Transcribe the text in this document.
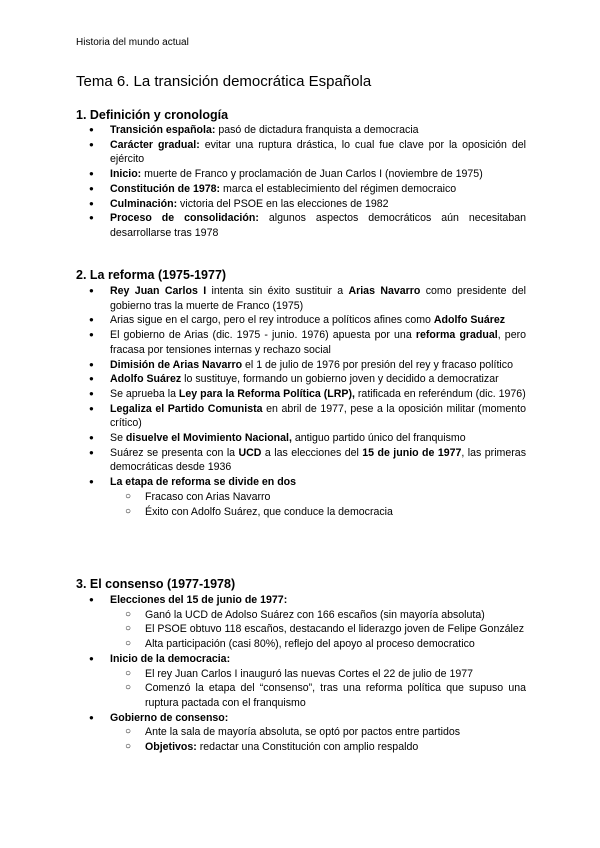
Historia del mundo actual
Tema 6. La transición democrática Española
1. Definición y cronología
● Transición española: pasó de dictadura franquista a democracia
● Carácter gradual: evitar una ruptura drástica, lo cual fue clave por la oposición del ejército
● Inicio: muerte de Franco y proclamación de Juan Carlos I (noviembre de 1975)
● Constitución de 1978: marca el establecimiento del régimen democraico
● Culminación: victoria del PSOE en las elecciones de 1982
● Proceso de consolidación: algunos aspectos democráticos aún necesitaban desarrollarse tras 1978
2. La reforma (1975-1977)
● Rey Juan Carlos I intenta sin éxito sustituir a Arias Navarro como presidente del gobierno tras la muerte de Franco (1975)
● Arias sigue en el cargo, pero el rey introduce a políticos afines como Adolfo Suárez
● El gobierno de Arias (dic. 1975 - junio. 1976) apuesta por una reforma gradual, pero fracasa por tensiones internas y rechazo social
● Dimisión de Arias Navarro el 1 de julio de 1976 por presión del rey y fracaso político
● Adolfo Suárez lo sustituye, formando un gobierno joven y decidido a democratizar
● Se aprueba la Ley para la Reforma Política (LRP), ratificada en referéndum (dic. 1976)
● Legaliza el Partido Comunista en abril de 1977, pese a la oposición militar (momento crítico)
● Se disuelve el Movimiento Nacional, antiguo partido único del franquismo
● Suárez se presenta con la UCD a las elecciones del 15 de junio de 1977, las primeras democráticas desde 1936
● La etapa de reforma se divide en dos
○ Fracaso con Arias Navarro
○ Éxito con Adolfo Suárez, que conduce la democracia
3. El consenso (1977-1978)
● Elecciones del 15 de junio de 1977:
○ Ganó la UCD de Adolso Suárez con 166 escaños (sin mayoría absoluta)
○ El PSOE obtuvo 118 escaños, destacando el liderazgo joven de Felipe González
○ Alta participación (casi 80%), reflejo del apoyo al proceso democratico
● Inicio de la democracia:
○ El rey Juan Carlos I inauguró las nuevas Cortes el 22 de julio de 1977
○ Comenzó la etapa del “consenso”, tras una reforma política que supuso una ruptura pactada con el franquismo
● Gobierno de consenso:
○ Ante la sala de mayoría absoluta, se optó por pactos entre partidos
○ Objetivos: redactar una Constitución con amplio respaldo
